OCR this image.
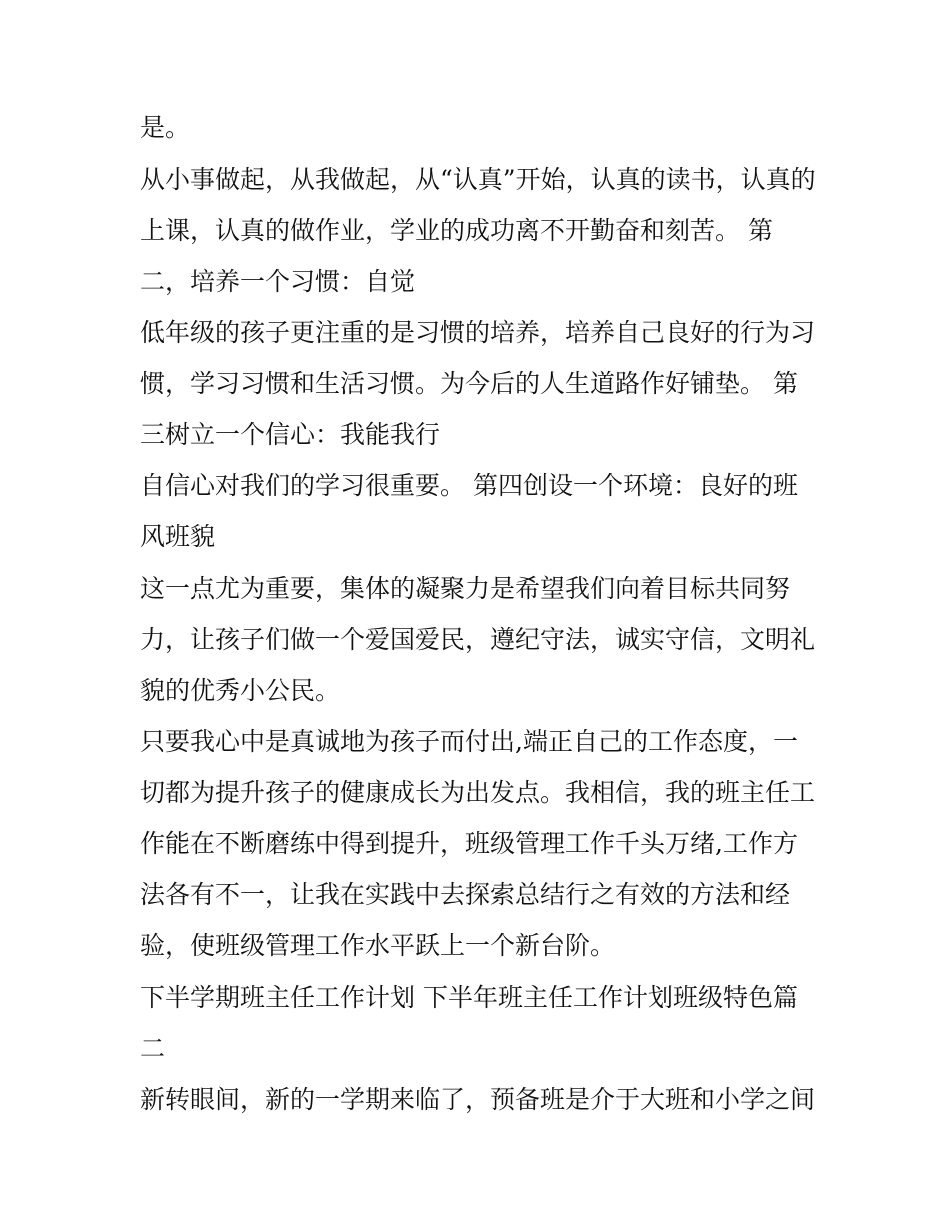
是。
从小事做起，从我做起，从“认真”开始，认真的读书，认真的
上课，认真的做作业，学业的成功离不开勤奋和刻苦。 第
二，培养一个习惯：自觉
低年级的孩子更注重的是习惯的培养，培养自己良好的行为习
惯，学习习惯和生活习惯。为今后的人生道路作好铺垫。 第
三树立一个信心：我能我行
自信心对我们的学习很重要。 第四创设一个环境：良好的班
风班貌
这一点尤为重要，集体的凝聚力是希望我们向着目标共同努
力，让孩子们做一个爱国爱民，遵纪守法，诚实守信，文明礼
貌的优秀小公民。
只要我心中是真诚地为孩子而付出,端正自己的工作态度，一
切都为提升孩子的健康成长为出发点。我相信，我的班主任工
作能在不断磨练中得到提升，班级管理工作千头万绪,工作方
法各有不一，让我在实践中去探索总结行之有效的方法和经
验，使班级管理工作水平跃上一个新台阶。
下半学期班主任工作计划 下半年班主任工作计划班级特色篇
二
新转眼间，新的一学期来临了，预备班是介于大班和小学之间
